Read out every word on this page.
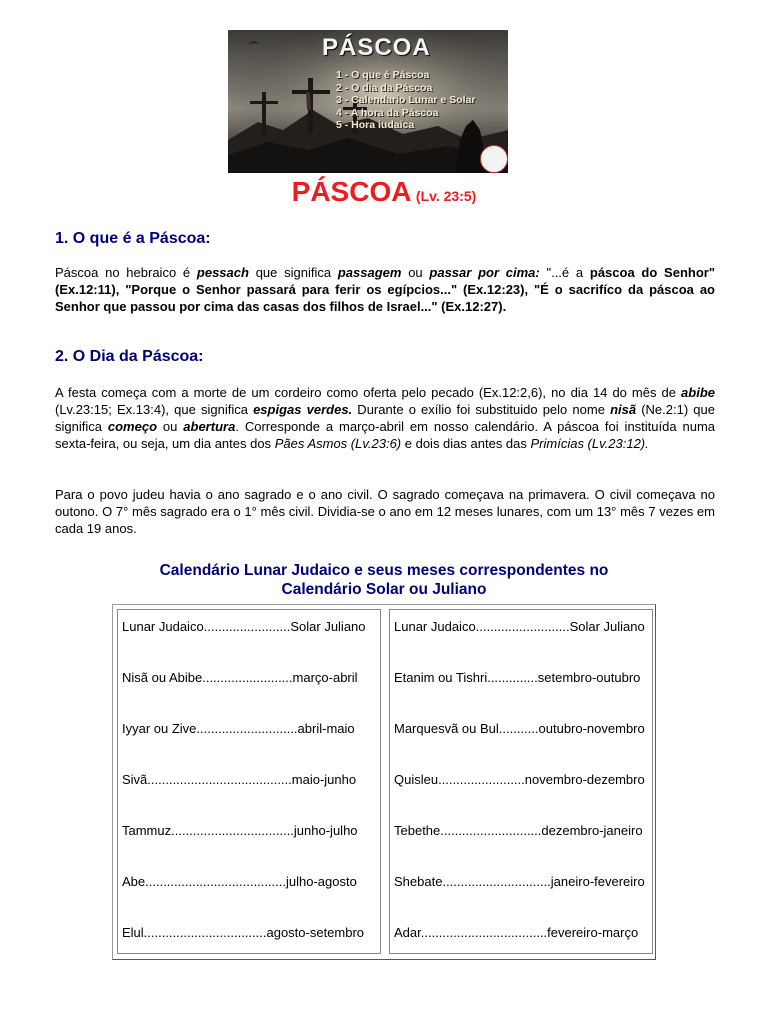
PÁSCOA
1 - O que é Páscoa
2 - O dia da Páscoa
3 - Calendario Lunar e Solar
4 - A hora da Páscoa
5 - Hora iudaica
PÁSCOA (Lv. 23:5)
1. O que é a Páscoa:

Páscoa no hebraico é pessach que significa passagem ou passar por cima: "...é a páscoa do Senhor" (Ex.12:11), "Porque o Senhor passará para ferir os egípcios..." (Ex.12:23), "É o sacrifíco da páscoa ao Senhor que passou por cima das casas dos filhos de Israel..." (Ex.12:27).

2. O Dia da Páscoa:

A festa começa com a morte de um cordeiro como oferta pelo pecado (Ex.12:2,6), no dia 14 do mês de abibe (Lv.23:15; Ex.13:4), que significa espigas verdes. Durante o exílio foi substituido pelo nome nisã (Ne.2:1) que significa começo ou abertura. Corresponde a março-abril em nosso calendário. A páscoa foi instituída numa sexta-feira, ou seja, um dia antes dos Pães Asmos (Lv.23:6) e dois dias antes das Primícias (Lv.23:12).

Para o povo judeu havia o ano sagrado e o ano civil. O sagrado começava na primavera. O civil começava no outono. O 7° mês sagrado era o 1° mês civil. Dividia-se o ano em 12 meses lunares, com um 13° mês 7 vezes em cada 19 anos.

Calendário Lunar Judaico e seus meses correspondentes no
Calendário Solar ou Juliano
Lunar Judaico........................Solar Juliano
Nisã ou Abibe.........................março-abril
Iyyar ou Zive............................abril-maio
Sivã........................................maio-junho
Tammuz..................................junho-julho
Abe.......................................julho-agosto
Elul..................................agosto-setembro
Lunar Judaico..........................Solar Juliano
Etanim ou Tishri..............setembro-outubro
Marquesvã ou Bul...........outubro-novembro
Quisleu........................novembro-dezembro
Tebethe............................dezembro-janeiro
Shebate..............................janeiro-fevereiro
Adar...................................fevereiro-março
